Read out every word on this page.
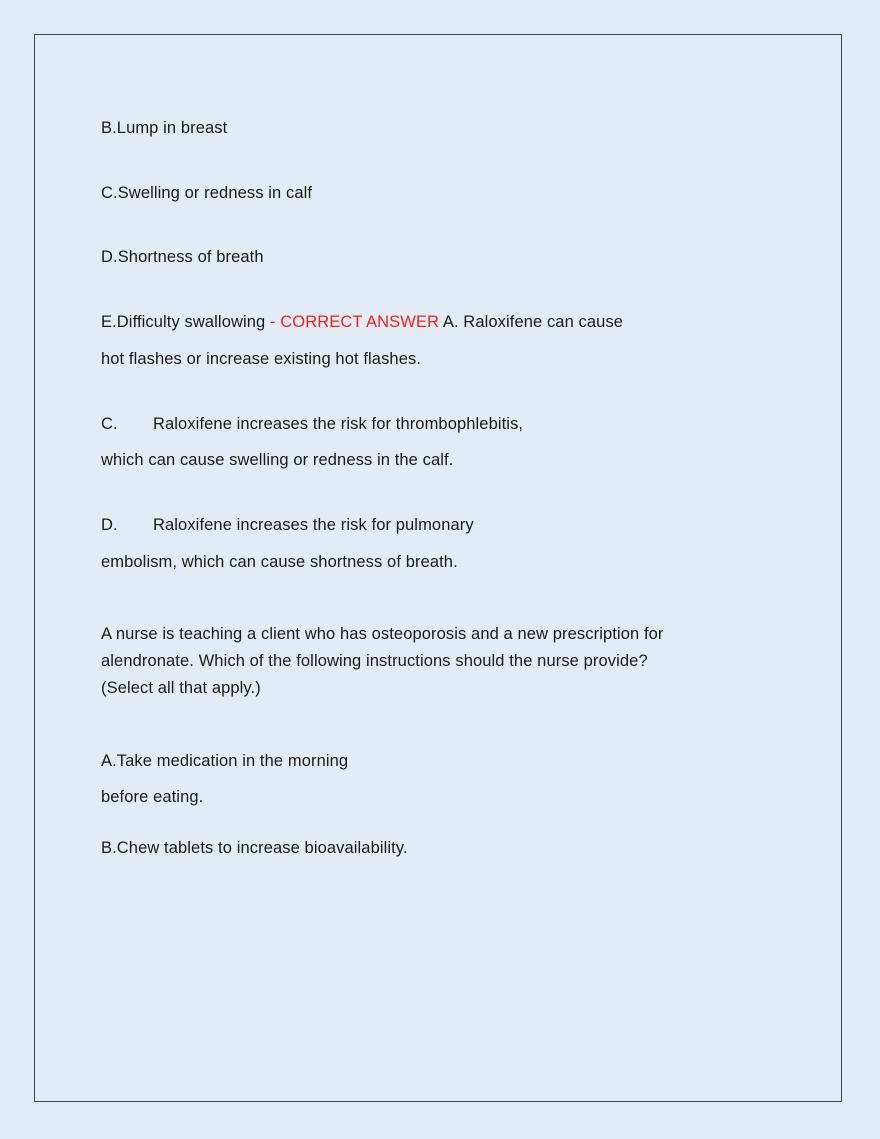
B.Lump in breast

C.Swelling or redness in calf

D.Shortness of breath

E.Difficulty swallowing - CORRECT ANSWER A. Raloxifene can cause

hot flashes or increase existing hot flashes.

C. Raloxifene increases the risk for thrombophlebitis,

which can cause swelling or redness in the calf.

D. Raloxifene increases the risk for pulmonary

embolism, which can cause shortness of breath.

A nurse is teaching a client who has osteoporosis and a new prescription for
alendronate. Which of the following instructions should the nurse provide?
(Select all that apply.)

A.Take medication in the morning

before eating.

B.Chew tablets to increase bioavailability.
